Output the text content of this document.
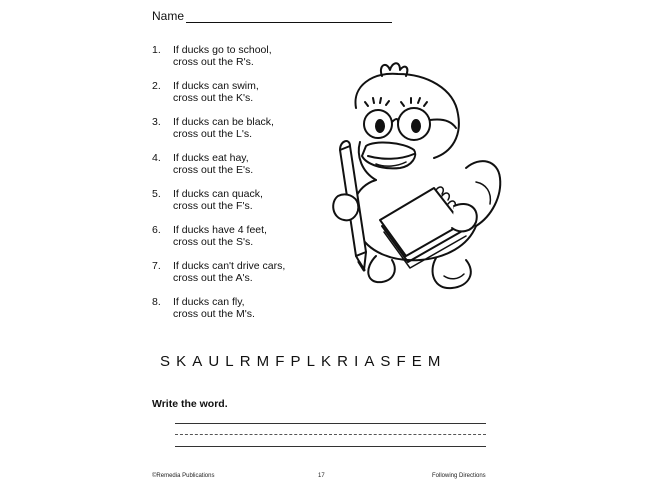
Name
1. If ducks go to school,
cross out the R's.
2. If ducks can swim,
cross out the K's.
3. If ducks can be black,
cross out the L's.
4. If ducks eat hay,
cross out the E's.
5. If ducks can quack,
cross out the F's.
6. If ducks have 4 feet,
cross out the S's.
7. If ducks can't drive cars,
cross out the A's.
8. If ducks can fly,
cross out the M's.
SKAULRMFPLKRIASFEM
Write the word.
©Remedia Publications	17	Following Directions
